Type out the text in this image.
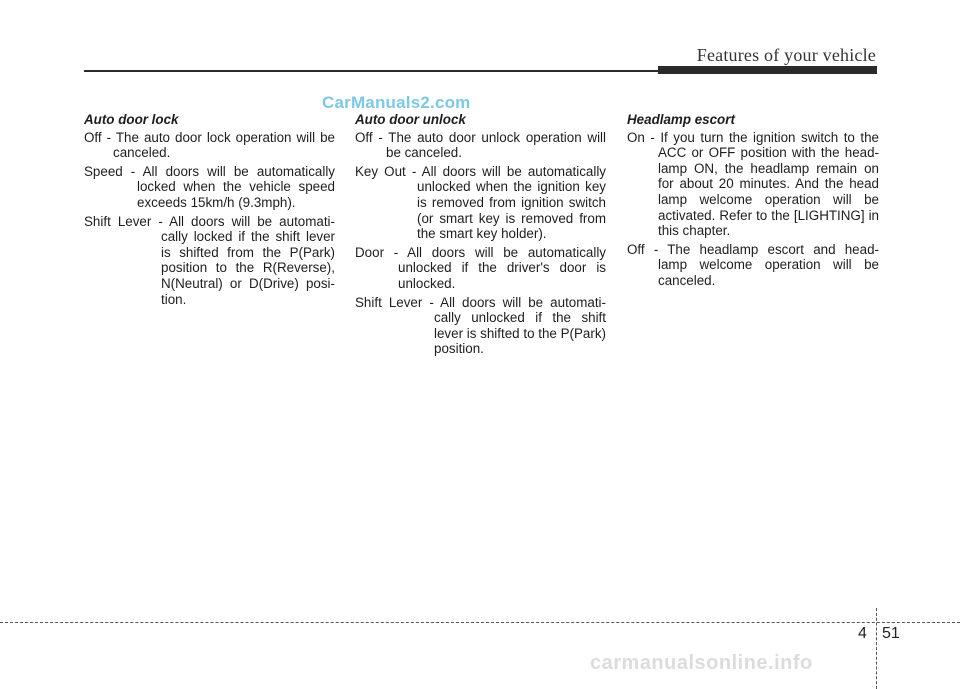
Features of your vehicle
CarManuals2.com
Auto door lock
Off - The auto door lock operation will be
canceled.
Speed - All doors will be automatically
locked when the vehicle speed exceeds 15km/h (9.3mph).
Shift Lever - All doors will be automati-
cally locked if the shift lever is shifted from the P(Park) position to the R(Reverse), N(Neutral) or D(Drive) posi-tion.
Auto door unlock
Off - The auto door unlock operation will
be canceled.
Key Out - All doors will be automatically
unlocked when the ignition key is removed from ignition switch (or smart key is removed from the smart key holder).
Door - All doors will be automatically
unlocked if the driver's door is unlocked.
Shift Lever - All doors will be automati-
cally unlocked if the shift lever is shifted to the P(Park) position.
Headlamp escort
On - If you turn the ignition switch to the
ACC or OFF position with the head-lamp ON, the headlamp remain on for about 20 minutes. And the head lamp welcome operation will be activated. Refer to the [LIGHTING] in this chapter.
Off - The headlamp escort and head-
lamp welcome operation will be canceled.
4 51
carmanualsonline.info
